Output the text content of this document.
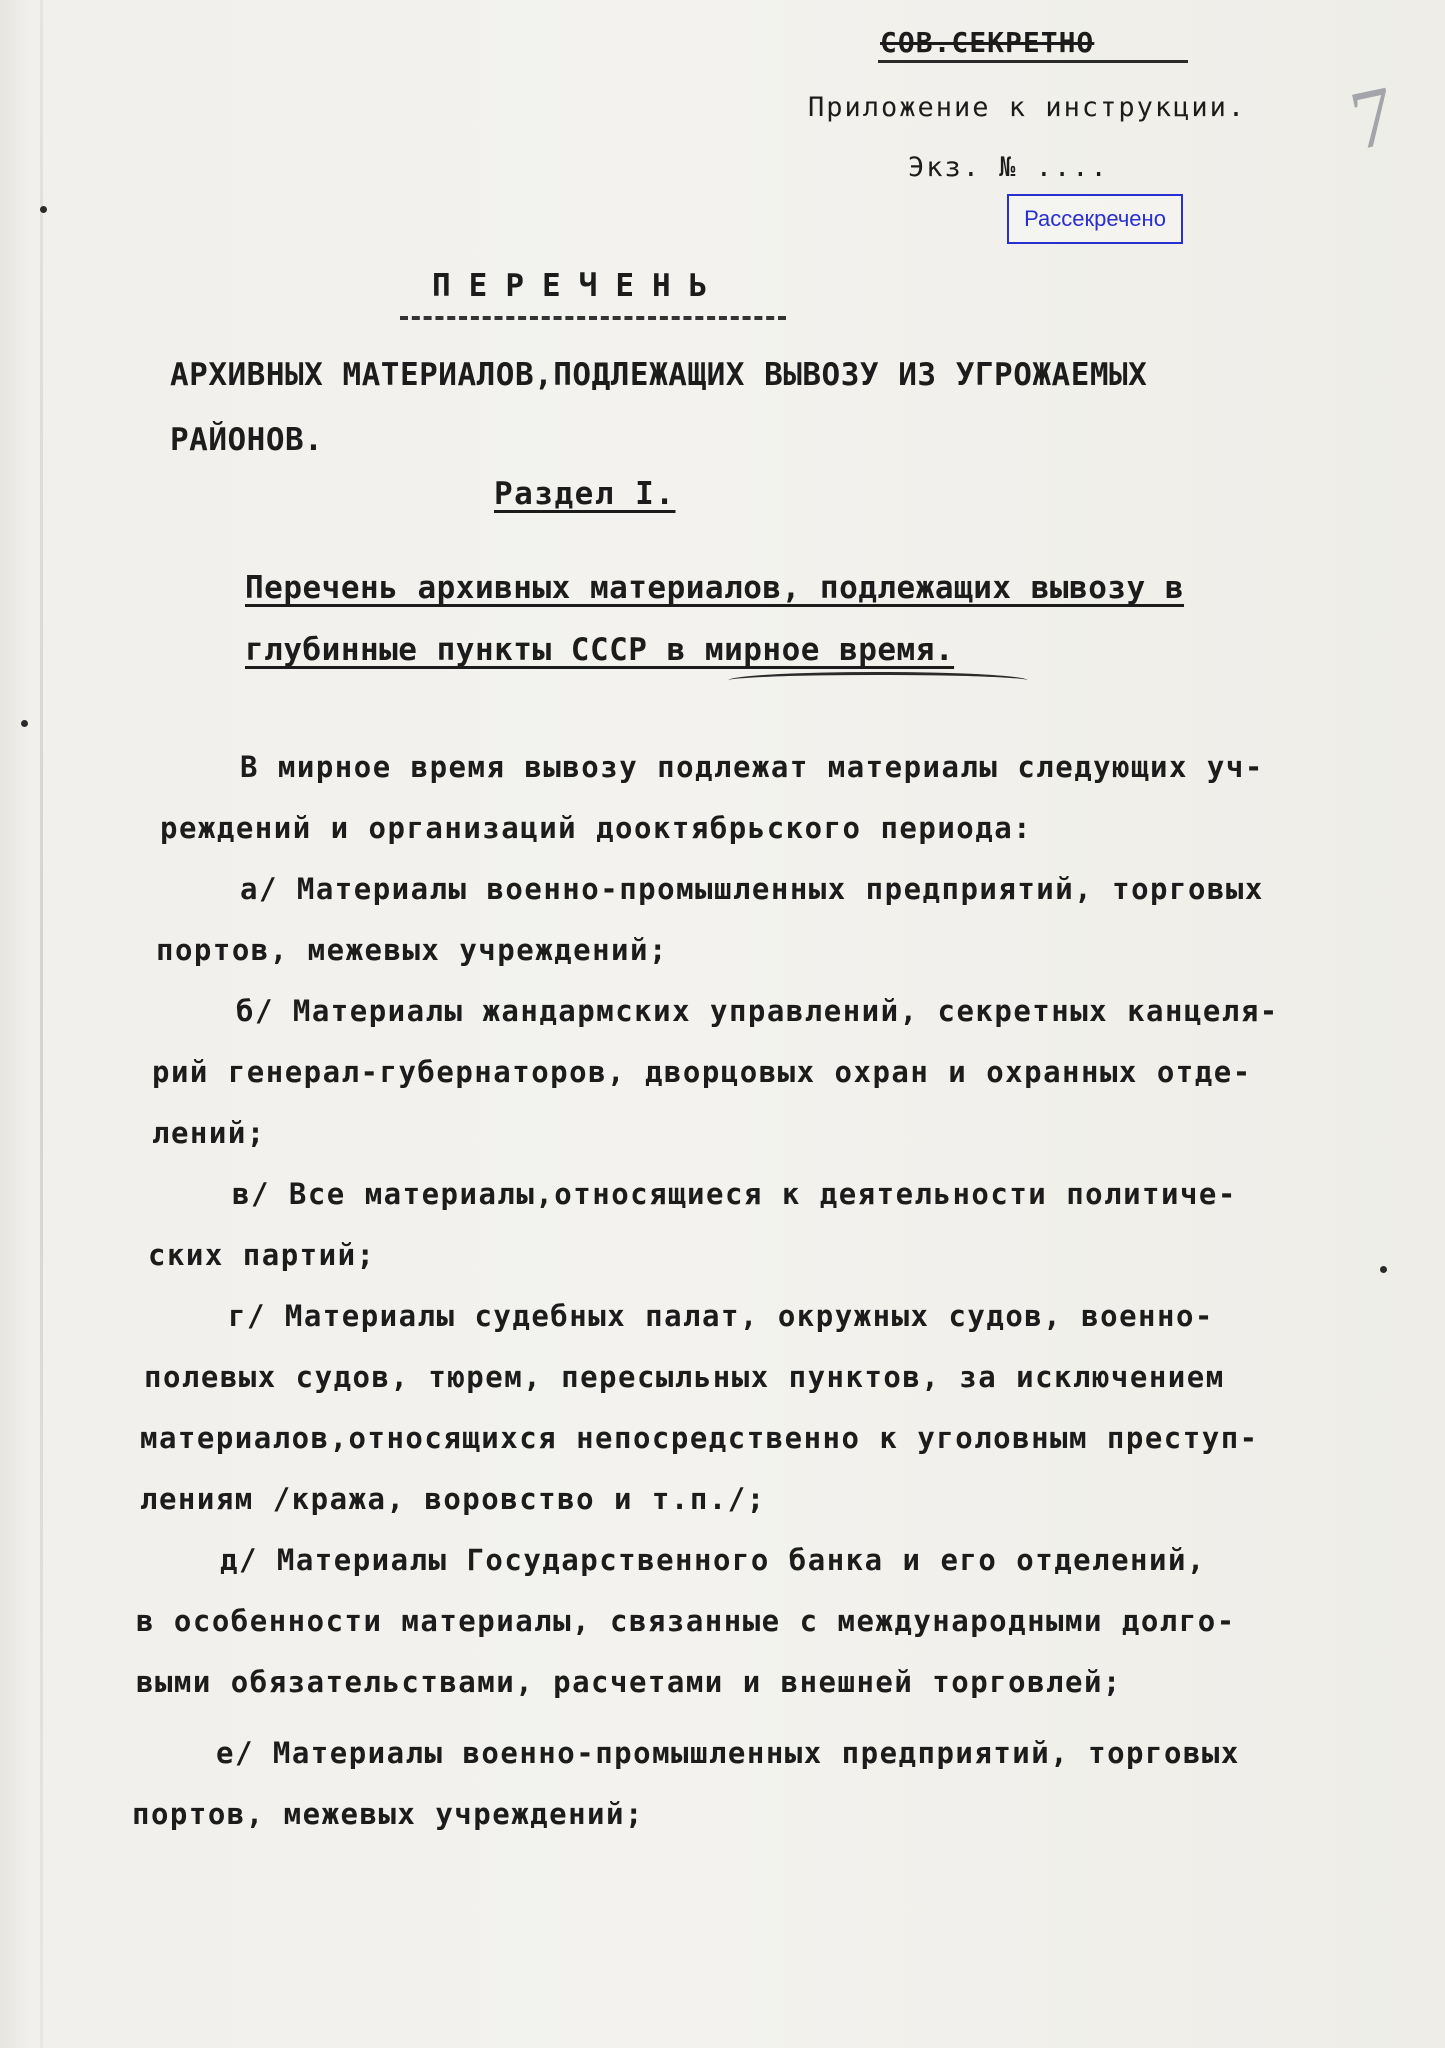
СОВ.СЕКРЕТНО
Приложение к инструкции.
Экз. № ....
Рассекречено
7
ПЕРЕЧЕНЬ
АРХИВНЫХ МАТЕРИАЛОВ,ПОДЛЕЖАЩИХ ВЫВОЗУ ИЗ УГРОЖАЕМЫХ
РАЙОНОВ.
Раздел I.
Перечень архивных материалов, подлежащих вывозу в
глубинные пункты СССР в мирное время.
В мирное время вывозу подлежат материалы следующих уч-
реждений и организаций дооктябрьского периода:
а/ Материалы военно-промышленных предприятий, торговых
портов, межевых учреждений;
б/ Материалы жандармских управлений, секретных канцеля-
рий генерал-губернаторов, дворцовых охран и охранных отде-
лений;
в/ Все материалы,относящиеся к деятельности политиче-
ских партий;
г/ Материалы судебных палат, окружных судов, военно-
полевых судов, тюрем, пересыльных пунктов, за исключением
материалов,относящихся непосредственно к уголовным преступ-
лениям /кража, воровство и т.п./;
д/ Материалы Государственного банка и его отделений,
в особенности материалы, связанные с международными долго-
выми обязательствами, расчетами и внешней торговлей;
е/ Материалы военно-промышленных предприятий, торговых
портов, межевых учреждений;
